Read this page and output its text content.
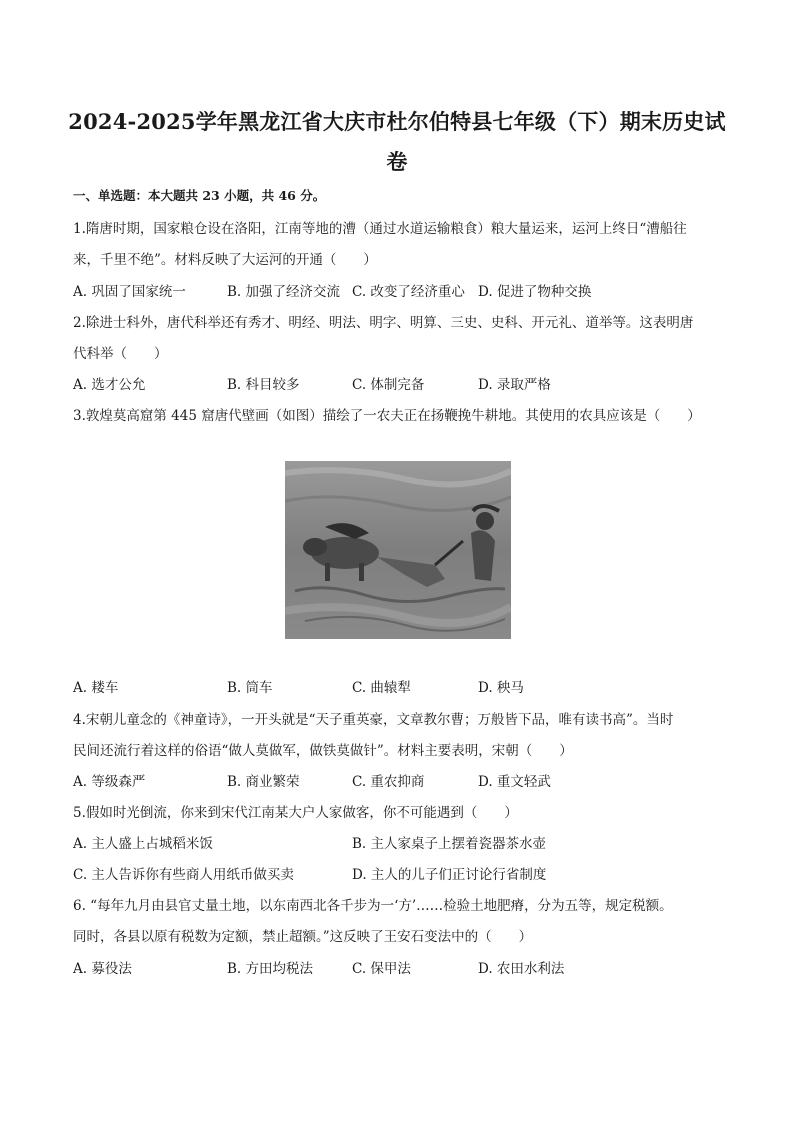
2024-2025学年黑龙江省大庆市杜尔伯特县七年级（下）期末历史试
卷
一、单选题：本大题共 23 小题，共 46 分。
1.隋唐时期，国家粮仓设在洛阳，江南等地的漕（通过水道运输粮食）粮大量运来，运河上终日“漕船往
来，千里不绝”。材料反映了大运河的开通（　　）
A. 巩固了国家统一	B. 加强了经济交流 C. 改变了经济重心 D. 促进了物种交换
2.除进士科外，唐代科举还有秀才、明经、明法、明字、明算、三史、史科、开元礼、道举等。这表明唐
代科举（　　）
A. 选才公允	B. 科目较多	C. 体制完备	D. 录取严格
3.敦煌莫高窟第 445 窟唐代壁画（如图）描绘了一农夫正在扬鞭挽牛耕地。其使用的农具应该是（　　）
A. 耧车	B. 筒车	C. 曲辕犁	D. 秧马
4.宋朝儿童念的《神童诗》，一开头就是“天子重英豪，文章教尔曹；万般皆下品，唯有读书高”。当时
民间还流行着这样的俗语“做人莫做军，做铁莫做针”。材料主要表明，宋朝（　　）
A. 等级森严	B. 商业繁荣	C. 重农抑商	D. 重文轻武
5.假如时光倒流，你来到宋代江南某大户人家做客，你不可能遇到（　　）
A. 主人盛上占城稻米饭	B. 主人家桌子上摆着瓷器茶水壶
C. 主人告诉你有些商人用纸币做买卖	D. 主人的儿子们正讨论行省制度
6. “每年九月由县官丈量土地，以东南西北各千步为一‘方’……检验土地肥瘠，分为五等，规定税额。
同时，各县以原有税数为定额，禁止超额。”这反映了王安石变法中的（　　）
A. 募役法	B. 方田均税法	C. 保甲法	D. 农田水利法
